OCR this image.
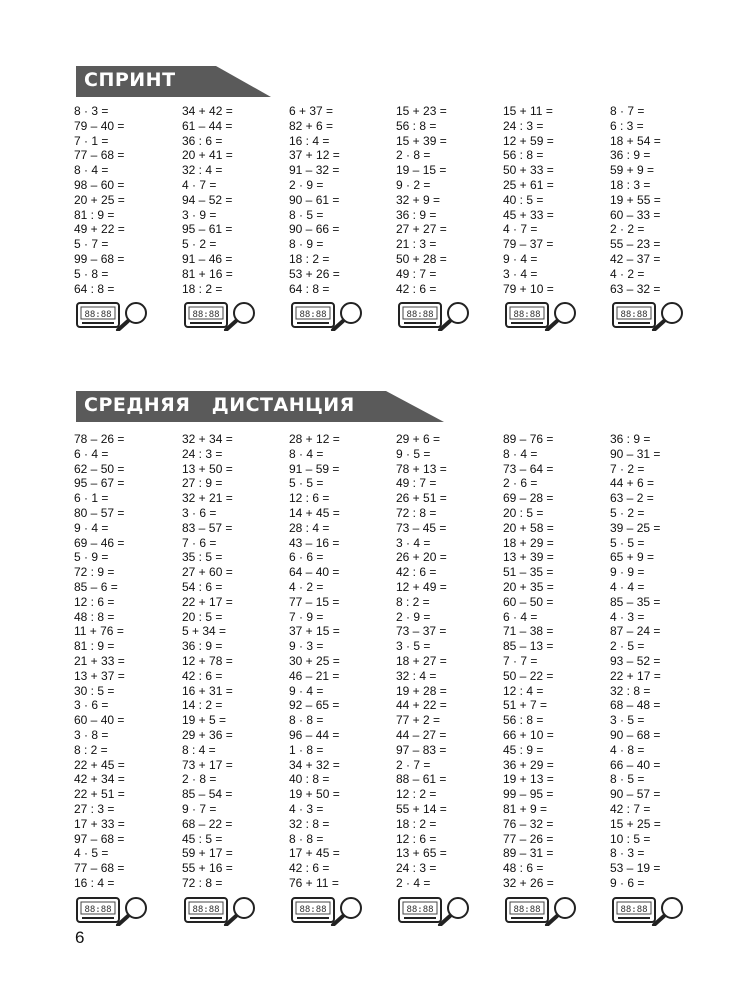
СПРИНТ
8 · 3 =
79 – 40 =
7 · 1 =
77 – 68 =
8 · 4 =
98 – 60 =
20 + 25 =
81 : 9 =
49 + 22 =
5 · 7 =
99 – 68 =
5 · 8 =
64 : 8 =
88:88
34 + 42 =
61 – 44 =
36 : 6 =
20 + 41 =
32 : 4 =
4 · 7 =
94 – 52 =
3 · 9 =
95 – 61 =
5 · 2 =
91 – 46 =
81 + 16 =
18 : 2 =
88:88
6 + 37 =
82 + 6 =
16 : 4 =
37 + 12 =
91 – 32 =
2 · 9 =
90 – 61 =
8 · 5 =
90 – 66 =
8 · 9 =
18 : 2 =
53 + 26 =
64 : 8 =
88:88
15 + 23 =
56 : 8 =
15 + 39 =
2 · 8 =
19 – 15 =
9 · 2 =
32 + 9 =
36 : 9 =
27 + 27 =
21 : 3 =
50 + 28 =
49 : 7 =
42 : 6 =
88:88
15 + 11 =
24 : 3 =
12 + 59 =
56 : 8 =
50 + 33 =
25 + 61 =
40 : 5 =
45 + 33 =
4 · 7 =
79 – 37 =
9 · 4 =
3 · 4 =
79 + 10 =
88:88
8 · 7 =
6 : 3 =
18 + 54 =
36 : 9 =
59 + 9 =
18 : 3 =
19 + 55 =
60 – 33 =
2 · 2 =
55 – 23 =
42 – 37 =
4 · 2 =
63 – 32 =
88:88
СРЕДНЯЯ   ДИСТАНЦИЯ
78 – 26 =
6 · 4 =
62 – 50 =
95 – 67 =
6 · 1 =
80 – 57 =
9 · 4 =
69 – 46 =
5 · 9 =
72 : 9 =
85 – 6 =
12 : 6 =
48 : 8 =
11 + 76 =
81 : 9 =
21 + 33 =
13 + 37 =
30 : 5 =
3 · 6 =
60 – 40 =
3 · 8 =
8 : 2 =
22 + 45 =
42 + 34 =
22 + 51 =
27 : 3 =
17 + 33 =
97 – 68 =
4 · 5 =
77 – 68 =
16 : 4 =
88:88
32 + 34 =
24 : 3 =
13 + 50 =
27 : 9 =
32 + 21 =
3 · 6 =
83 – 57 =
7 · 6 =
35 : 5 =
27 + 60 =
54 : 6 =
22 + 17 =
20 : 5 =
5 + 34 =
36 : 9 =
12 + 78 =
42 : 6 =
16 + 31 =
14 : 2 =
19 + 5 =
29 + 36 =
8 : 4 =
73 + 17 =
2 · 8 =
85 – 54 =
9 · 7 =
68 – 22 =
45 : 5 =
59 + 17 =
55 + 16 =
72 : 8 =
88:88
28 + 12 =
8 · 4 =
91 – 59 =
5 · 5 =
12 : 6 =
14 + 45 =
28 : 4 =
43 – 16 =
6 · 6 =
64 – 40 =
4 · 2 =
77 – 15 =
7 · 9 =
37 + 15 =
9 · 3 =
30 + 25 =
46 – 21 =
9 · 4 =
92 – 65 =
8 · 8 =
96 – 44 =
1 · 8 =
34 + 32 =
40 : 8 =
19 + 50 =
4 · 3 =
32 : 8 =
8 · 8 =
17 + 45 =
42 : 6 =
76 + 11 =
88:88
29 + 6 =
9 · 5 =
78 + 13 =
49 : 7 =
26 + 51 =
72 : 8 =
73 – 45 =
3 · 4 =
26 + 20 =
42 : 6 =
12 + 49 =
8 : 2 =
2 · 9 =
73 – 37 =
3 · 5 =
18 + 27 =
32 : 4 =
19 + 28 =
44 + 22 =
77 + 2 =
44 – 27 =
97 – 83 =
2 · 7 =
88 – 61 =
12 : 2 =
55 + 14 =
18 : 2 =
12 : 6 =
13 + 65 =
24 : 3 =
2 · 4 =
88:88
89 – 76 =
8 · 4 =
73 – 64 =
2 · 6 =
69 – 28 =
20 : 5 =
20 + 58 =
18 + 29 =
13 + 39 =
51 – 35 =
20 + 35 =
60 – 50 =
6 · 4 =
71 – 38 =
85 – 13 =
7 · 7 =
50 – 22 =
12 : 4 =
51 + 7 =
56 : 8 =
66 + 10 =
45 : 9 =
36 + 29 =
19 + 13 =
99 – 95 =
81 + 9 =
76 – 32 =
77 – 26 =
89 – 31 =
48 : 6 =
32 + 26 =
88:88
36 : 9 =
90 – 31 =
7 · 2 =
44 + 6 =
63 – 2 =
5 · 2 =
39 – 25 =
5 · 5 =
65 + 9 =
9 · 9 =
4 · 4 =
85 – 35 =
4 · 3 =
87 – 24 =
2 · 5 =
93 – 52 =
22 + 17 =
32 : 8 =
68 – 48 =
3 · 5 =
90 – 68 =
4 · 8 =
66 – 40 =
8 · 5 =
90 – 57 =
42 : 7 =
15 + 25 =
10 : 5 =
8 · 3 =
53 – 19 =
9 · 6 =
88:88
6
